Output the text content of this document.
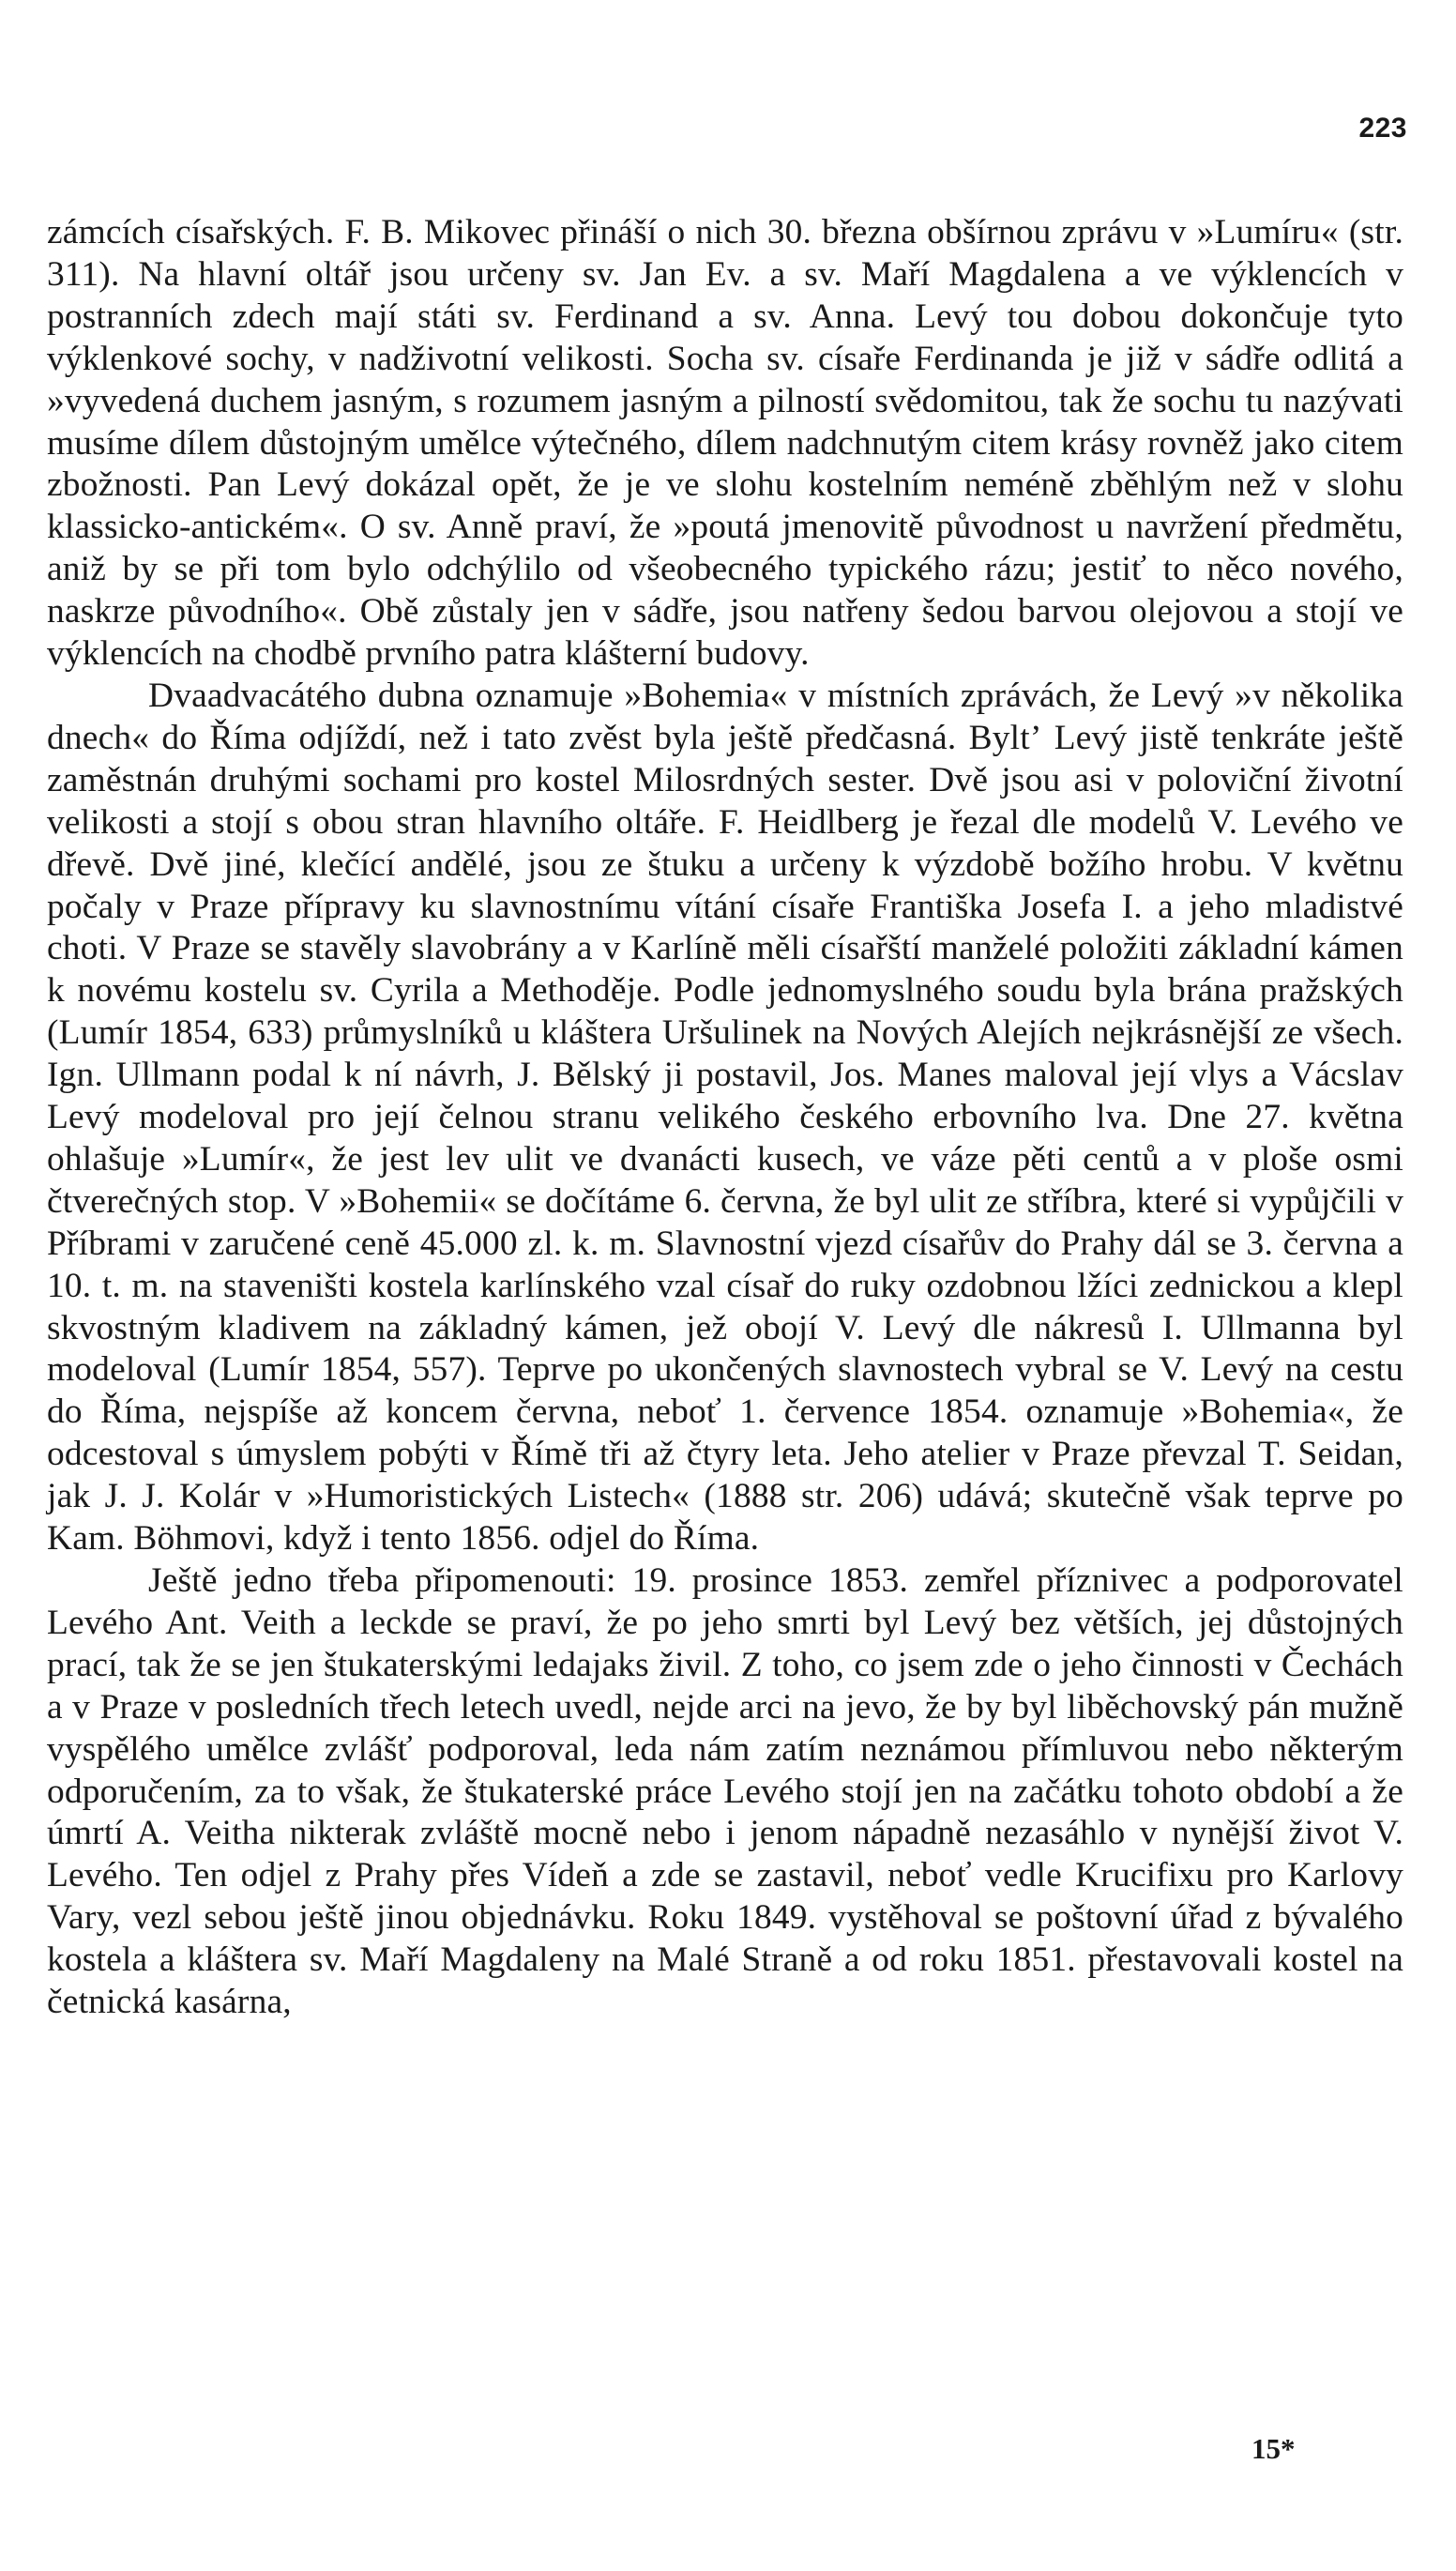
223

zámcích císařských. F. B. Mikovec přináší o nich 30. března obšírnou zprávu v »Lumíru« (str. 311). Na hlavní oltář jsou určeny sv. Jan Ev. a sv. Maří Magdalena a ve výklencích v postranních zdech mají státi sv. Ferdinand a sv. Anna. Levý tou dobou dokončuje tyto výklenkové sochy, v nadživotní velikosti. Socha sv. císaře Ferdinanda je již v sádře odlitá a »vyvedená duchem jasným, s rozumem jasným a pilností svědomitou, tak že sochu tu nazývati musíme dílem důstojným umělce výtečného, dílem nadchnutým citem krásy rovněž jako citem zbožnosti. Pan Levý dokázal opět, že je ve slohu kostelním neméně zběhlým než v slohu klassicko-antickém«. O sv. Anně praví, že »poutá jmenovitě původnost u navržení předmětu, aniž by se při tom bylo odchýlilo od všeobecného typického rázu; jestiť to něco nového, naskrze původního«. Obě zůstaly jen v sádře, jsou natřeny šedou barvou olejovou a stojí ve výklencích na chodbě prvního patra klášterní budovy.

Dvaadvacátého dubna oznamuje »Bohemia« v místních zprávách, že Levý »v několika dnech« do Říma odjíždí, než i tato zvěst byla ještě předčasná. Byltʼ Levý jistě tenkráte ještě zaměstnán druhými sochami pro kostel Milosrdných sester. Dvě jsou asi v poloviční životní velikosti a stojí s obou stran hlavního oltáře. F. Heidlberg je řezal dle modelů V. Levého ve dřevě. Dvě jiné, klečící andělé, jsou ze štuku a určeny k výzdobě božího hrobu. V květnu počaly v Praze přípravy ku slavnostnímu vítání císaře Františka Josefa I. a jeho mladistvé choti. V Praze se stavěly slavobrány a v Karlíně měli císařští manželé položiti základní kámen k novému kostelu sv. Cyrila a Methoděje. Podle jednomyslného soudu byla brána pražských (Lumír 1854, 633) průmyslníků u kláštera Uršulinek na Nových Alejích nejkrásnější ze všech. Ign. Ullmann podal k ní návrh, J. Bělský ji postavil, Jos. Manes maloval její vlys a Vácslav Levý modeloval pro její čelnou stranu velikého českého erbovního lva. Dne 27. května ohlašuje »Lumír«, že jest lev ulit ve dvanácti kusech, ve váze pěti centů a v ploše osmi čtverečných stop. V »Bohemii« se dočítáme 6. června, že byl ulit ze stříbra, které si vypůjčili v Příbrami v zaručené ceně 45.000 zl. k. m. Slavnostní vjezd císařův do Prahy dál se 3. června a 10. t. m. na staveništi kostela karlínského vzal císař do ruky ozdobnou lžíci zednickou a klepl skvostným kladivem na základný kámen, jež obojí V. Levý dle nákresů I. Ullmanna byl modeloval (Lumír 1854, 557). Teprve po ukončených slavnostech vybral se V. Levý na cestu do Říma, nejspíše až koncem června, neboť 1. července 1854. oznamuje »Bohemia«, že odcestoval s úmyslem pobýti v Římě tři až čtyry leta. Jeho atelier v Praze převzal T. Seidan, jak J. J. Kolár v »Humoristických Listech« (1888 str. 206) udává; skutečně však teprve po Kam. Böhmovi, když i tento 1856. odjel do Říma.

Ještě jedno třeba připomenouti: 19. prosince 1853. zemřel příznivec a podporovatel Levého Ant. Veith a leckde se praví, že po jeho smrti byl Levý bez větších, jej důstojných prací, tak že se jen štukaterskými ledajaks živil. Z toho, co jsem zde o jeho činnosti v Čechách a v Praze v posledních třech letech uvedl, nejde arci na jevo, že by byl liběchovský pán mužně vyspělého umělce zvlášť podporoval, leda nám zatím neznámou přímluvou nebo některým odporučením, za to však, že štukaterské práce Levého stojí jen na začátku tohoto období a že úmrtí A. Veitha nikterak zvláště mocně nebo i jenom nápadně nezasáhlo v nynější život V. Levého. Ten odjel z Prahy přes Vídeň a zde se zastavil, neboť vedle Krucifixu pro Karlovy Vary, vezl sebou ještě jinou objednávku. Roku 1849. vystěhoval se poštovní úřad z bývalého kostela a kláštera sv. Maří Magdaleny na Malé Straně a od roku 1851. přestavovali kostel na četnická kasárna,

15*
